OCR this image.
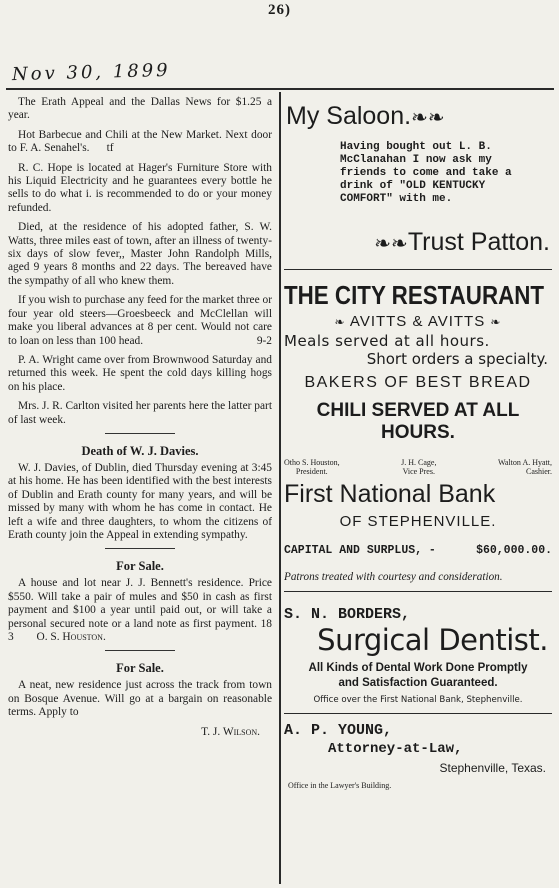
26)
Nov 30, 1899

The Erath Appeal and the Dallas News for $1.25 a year.

Hot Barbecue and Chili at the New Market. Next door to F. A. Senahel's. tf

R. C. Hope is located at Hager's Furniture Store with his Liquid Electricity and he guarantees every bottle he sells to do what i. is recommended to do or your money refunded.

Died, at the residence of his adopted father, S. W. Watts, three miles east of town, after an illness of twenty-six days of slow fever,, Master John Randolph Mills, aged 9 years 8 months and 22 days. The bereaved have the sympathy of all who knew them.

If you wish to purchase any feed for the market three or four year old steers—Groesbeeck and McClellan will make you liberal advances at 8 per cent. Would not care to loan on less than 100 head.	9-2

P. A. Wright came over from Brownwood Saturday and returned this week. He spent the cold days killing hogs on his place.

Mrs. J. R. Carlton visited her parents here the latter part of last week.

Death of W. J. Davies.

W. J. Davies, of Dublin, died Thursday evening at 3:45 at his home. He has been identified with the best interests of Dublin and Erath county for many years, and will be missed by many with whom he has come in contact. He left a wife and three daughters, to whom the citizens of Erath county join the Appeal in extending sympathy.

For Sale.

A house and lot near J. J. Bennett's residence. Price $550. Will take a pair of mules and $50 in cash as first payment and $100 a year until paid out, or will take a personal secured note or a land note as first payment. 18 3 O. S. Houston.

For Sale.

A neat, new residence just across the track from town on Bosque Avenue. Will go at a bargain on reasonable terms. Apply to

T. J. Wilson.
My Saloon.❧❧
Having bought out L. B. McClanahan I now ask my friends to come and take a drink of "OLD KENTUCKY COMFORT" with me.
❧❧Trust Patton.
THE CITY RESTAURANT
❧ AVITTS & AVITTS ❧
Meals served at all hours.
Short orders a specialty.
BAKERS OF BEST BREAD
CHILI SERVED AT ALL HOURS.
Otho S. Houston,
President.
J. H. Cage,
Vice Pres.
Walton A. Hyatt,
Cashier.
First National Bank
OF STEPHENVILLE.
$60,000.00.
CAPITAL AND SURPLUS, -
Patrons treated with courtesy and consideration.
S. N. BORDERS,
Surgical Dentist.
All Kinds of Dental Work Done Promptly
and Satisfaction Guaranteed.
Office over the First National Bank, Stephenville.
A. P. YOUNG,
Attorney-at-Law,
Stephenville, Texas.
Office in the Lawyer's Building.
